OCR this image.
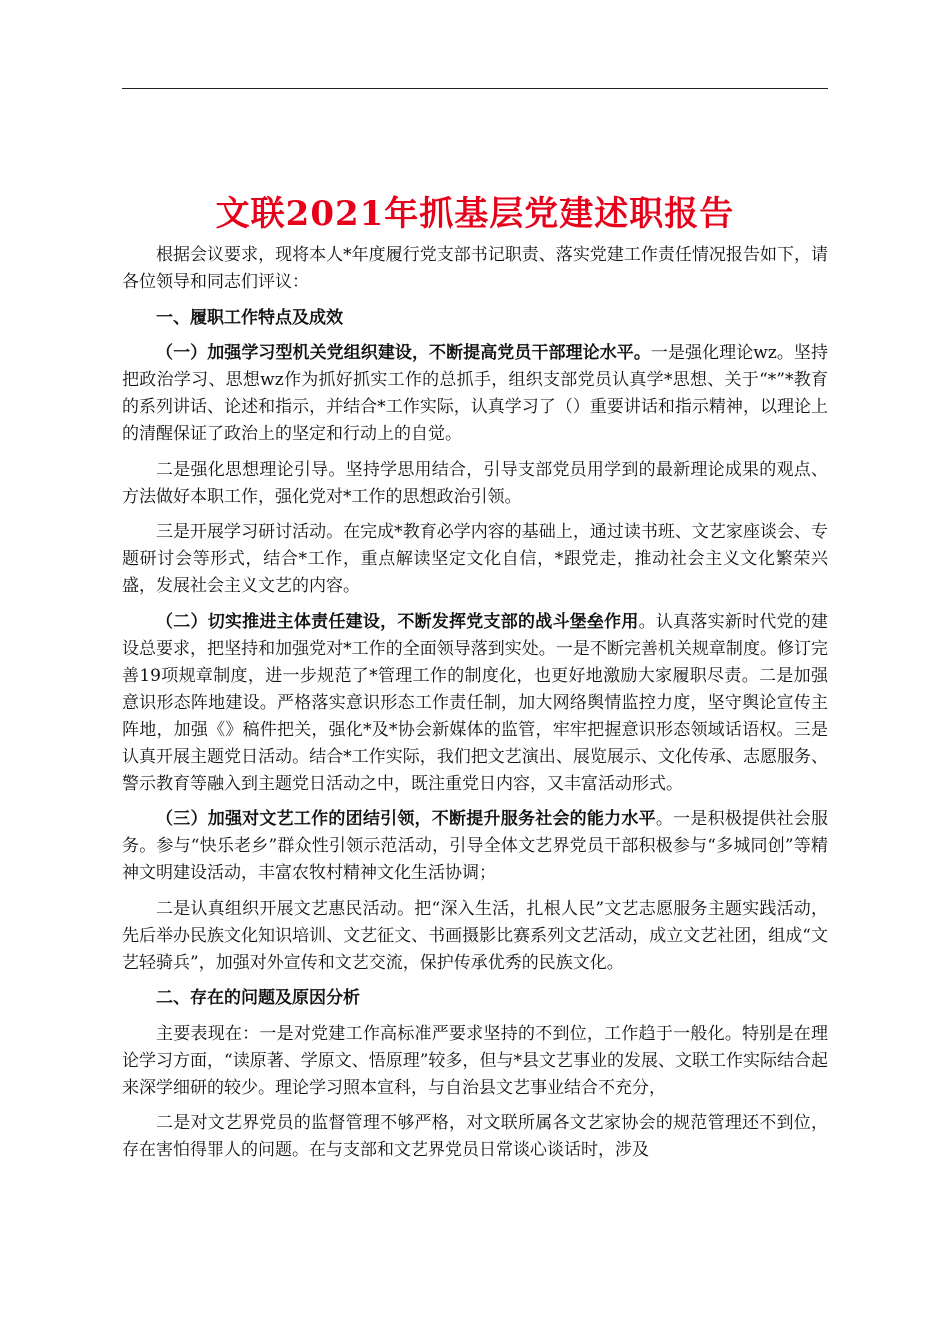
文联2021年抓基层党建述职报告

根据会议要求，现将本人*年度履行党支部书记职责、落实党建工作责任情况报告如下，请各位领导和同志们评议：

一、履职工作特点及成效

（一）加强学习型机关党组织建设，不断提高党员干部理论水平。一是强化理论wz。坚持把政治学习、思想wz作为抓好抓实工作的总抓手，组织支部党员认真学*思想、关于“*”*教育的系列讲话、论述和指示，并结合*工作实际，认真学习了（）重要讲话和指示精神，以理论上的清醒保证了政治上的坚定和行动上的自觉。

二是强化思想理论引导。坚持学思用结合，引导支部党员用学到的最新理论成果的观点、方法做好本职工作，强化党对*工作的思想政治引领。

三是开展学习研讨活动。在完成*教育必学内容的基础上，通过读书班、文艺家座谈会、专题研讨会等形式，结合*工作，重点解读坚定文化自信，*跟党走，推动社会主义文化繁荣兴盛，发展社会主义文艺的内容。

（二）切实推进主体责任建设，不断发挥党支部的战斗堡垒作用。认真落实新时代党的建设总要求，把坚持和加强党对*工作的全面领导落到实处。一是不断完善机关规章制度。修订完善19项规章制度，进一步规范了*管理工作的制度化，也更好地激励大家履职尽责。二是加强意识形态阵地建设。严格落实意识形态工作责任制，加大网络舆情监控力度，坚守舆论宣传主阵地，加强《》稿件把关，强化*及*协会新媒体的监管，牢牢把握意识形态领域话语权。三是认真开展主题党日活动。结合*工作实际，我们把文艺演出、展览展示、文化传承、志愿服务、警示教育等融入到主题党日活动之中，既注重党日内容，又丰富活动形式。

（三）加强对文艺工作的团结引领，不断提升服务社会的能力水平。一是积极提供社会服务。参与“快乐老乡”群众性引领示范活动，引导全体文艺界党员干部积极参与“多城同创”等精神文明建设活动，丰富农牧村精神文化生活协调；

二是认真组织开展文艺惠民活动。把“深入生活，扎根人民”文艺志愿服务主题实践活动，先后举办民族文化知识培训、文艺征文、书画摄影比赛系列文艺活动，成立文艺社团，组成“文艺轻骑兵”，加强对外宣传和文艺交流，保护传承优秀的民族文化。

二、存在的问题及原因分析

主要表现在：一是对党建工作高标准严要求坚持的不到位，工作趋于一般化。特别是在理论学习方面，“读原著、学原文、悟原理”较多，但与*县文艺事业的发展、文联工作实际结合起来深学细研的较少。理论学习照本宣科，与自治县文艺事业结合不充分，

二是对文艺界党员的监督管理不够严格，对文联所属各文艺家协会的规范管理还不到位，存在害怕得罪人的问题。在与支部和文艺界党员日常谈心谈话时，涉及
